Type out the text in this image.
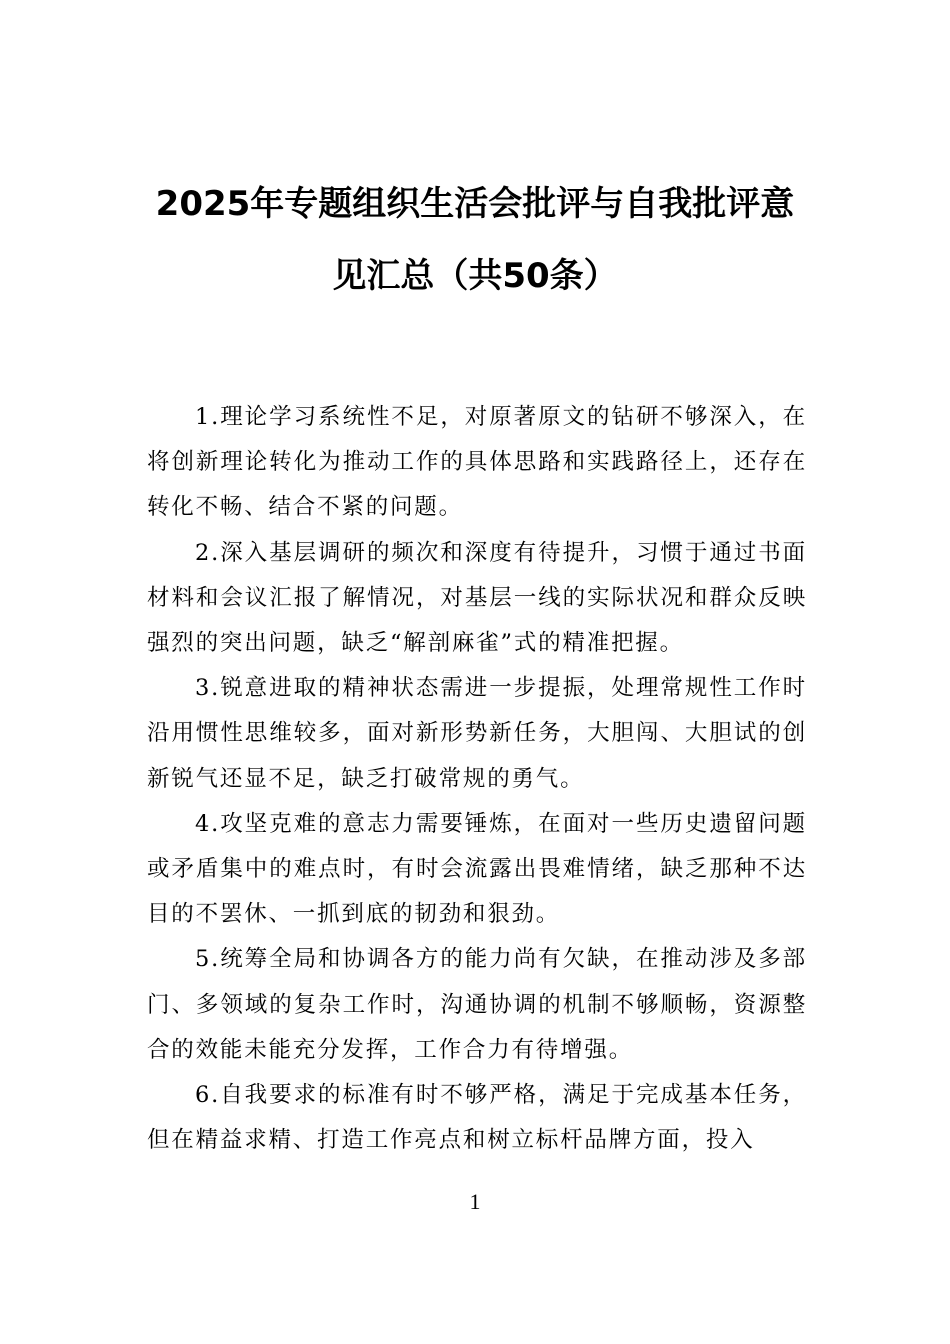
2025年专题组织生活会批评与自我批评意
见汇总（共50条）

1.理论学习系统性不足，对原著原文的钻研不够深入，在将创新理论转化为推动工作的具体思路和实践路径上，还存在转化不畅、结合不紧的问题。

2.深入基层调研的频次和深度有待提升，习惯于通过书面材料和会议汇报了解情况，对基层一线的实际状况和群众反映强烈的突出问题，缺乏“解剖麻雀”式的精准把握。

3.锐意进取的精神状态需进一步提振，处理常规性工作时沿用惯性思维较多，面对新形势新任务，大胆闯、大胆试的创新锐气还显不足，缺乏打破常规的勇气。

4.攻坚克难的意志力需要锤炼，在面对一些历史遗留问题或矛盾集中的难点时，有时会流露出畏难情绪，缺乏那种不达目的不罢休、一抓到底的韧劲和狠劲。

5.统筹全局和协调各方的能力尚有欠缺，在推动涉及多部门、多领域的复杂工作时，沟通协调的机制不够顺畅，资源整合的效能未能充分发挥，工作合力有待增强。

6.自我要求的标准有时不够严格，满足于完成基本任务，但在精益求精、打造工作亮点和树立标杆品牌方面，投入

1
